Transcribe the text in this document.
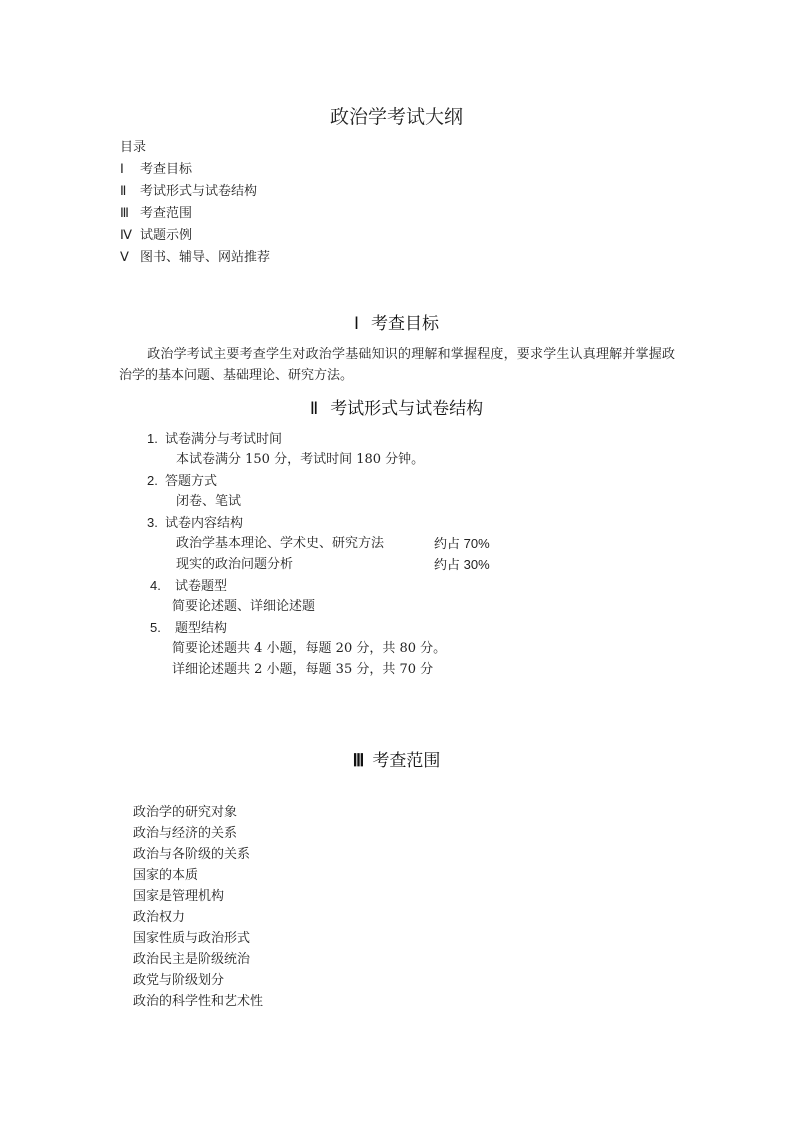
政治学考试大纲
目录
Ⅰ 考查目标
Ⅱ 考试形式与试卷结构
Ⅲ 考查范围
Ⅳ 试题示例
Ⅴ 图书、辅导、网站推荐
Ⅰ 考查目标
政治学考试主要考查学生对政治学基础知识的理解和掌握程度，要求学生认真理解并掌握政治学的基本问题、基础理论、研究方法。
Ⅱ 考试形式与试卷结构
1. 试卷满分与考试时间
本试卷满分 150 分，考试时间 180 分钟。
2. 答题方式
闭卷、笔试
3. 试卷内容结构
政治学基本理论、学术史、研究方法	约占 70%
现实的政治问题分析	约占 30%
4. 试卷题型
简要论述题、详细论述题
5. 题型结构
简要论述题共 4 小题，每题 20 分，共 80 分。
详细论述题共 2 小题，每题 35 分，共 70 分
Ⅲ 考查范围
政治学的研究对象
政治与经济的关系
政治与各阶级的关系
国家的本质
国家是管理机构
政治权力
国家性质与政治形式
政治民主是阶级统治
政党与阶级划分
政治的科学性和艺术性
